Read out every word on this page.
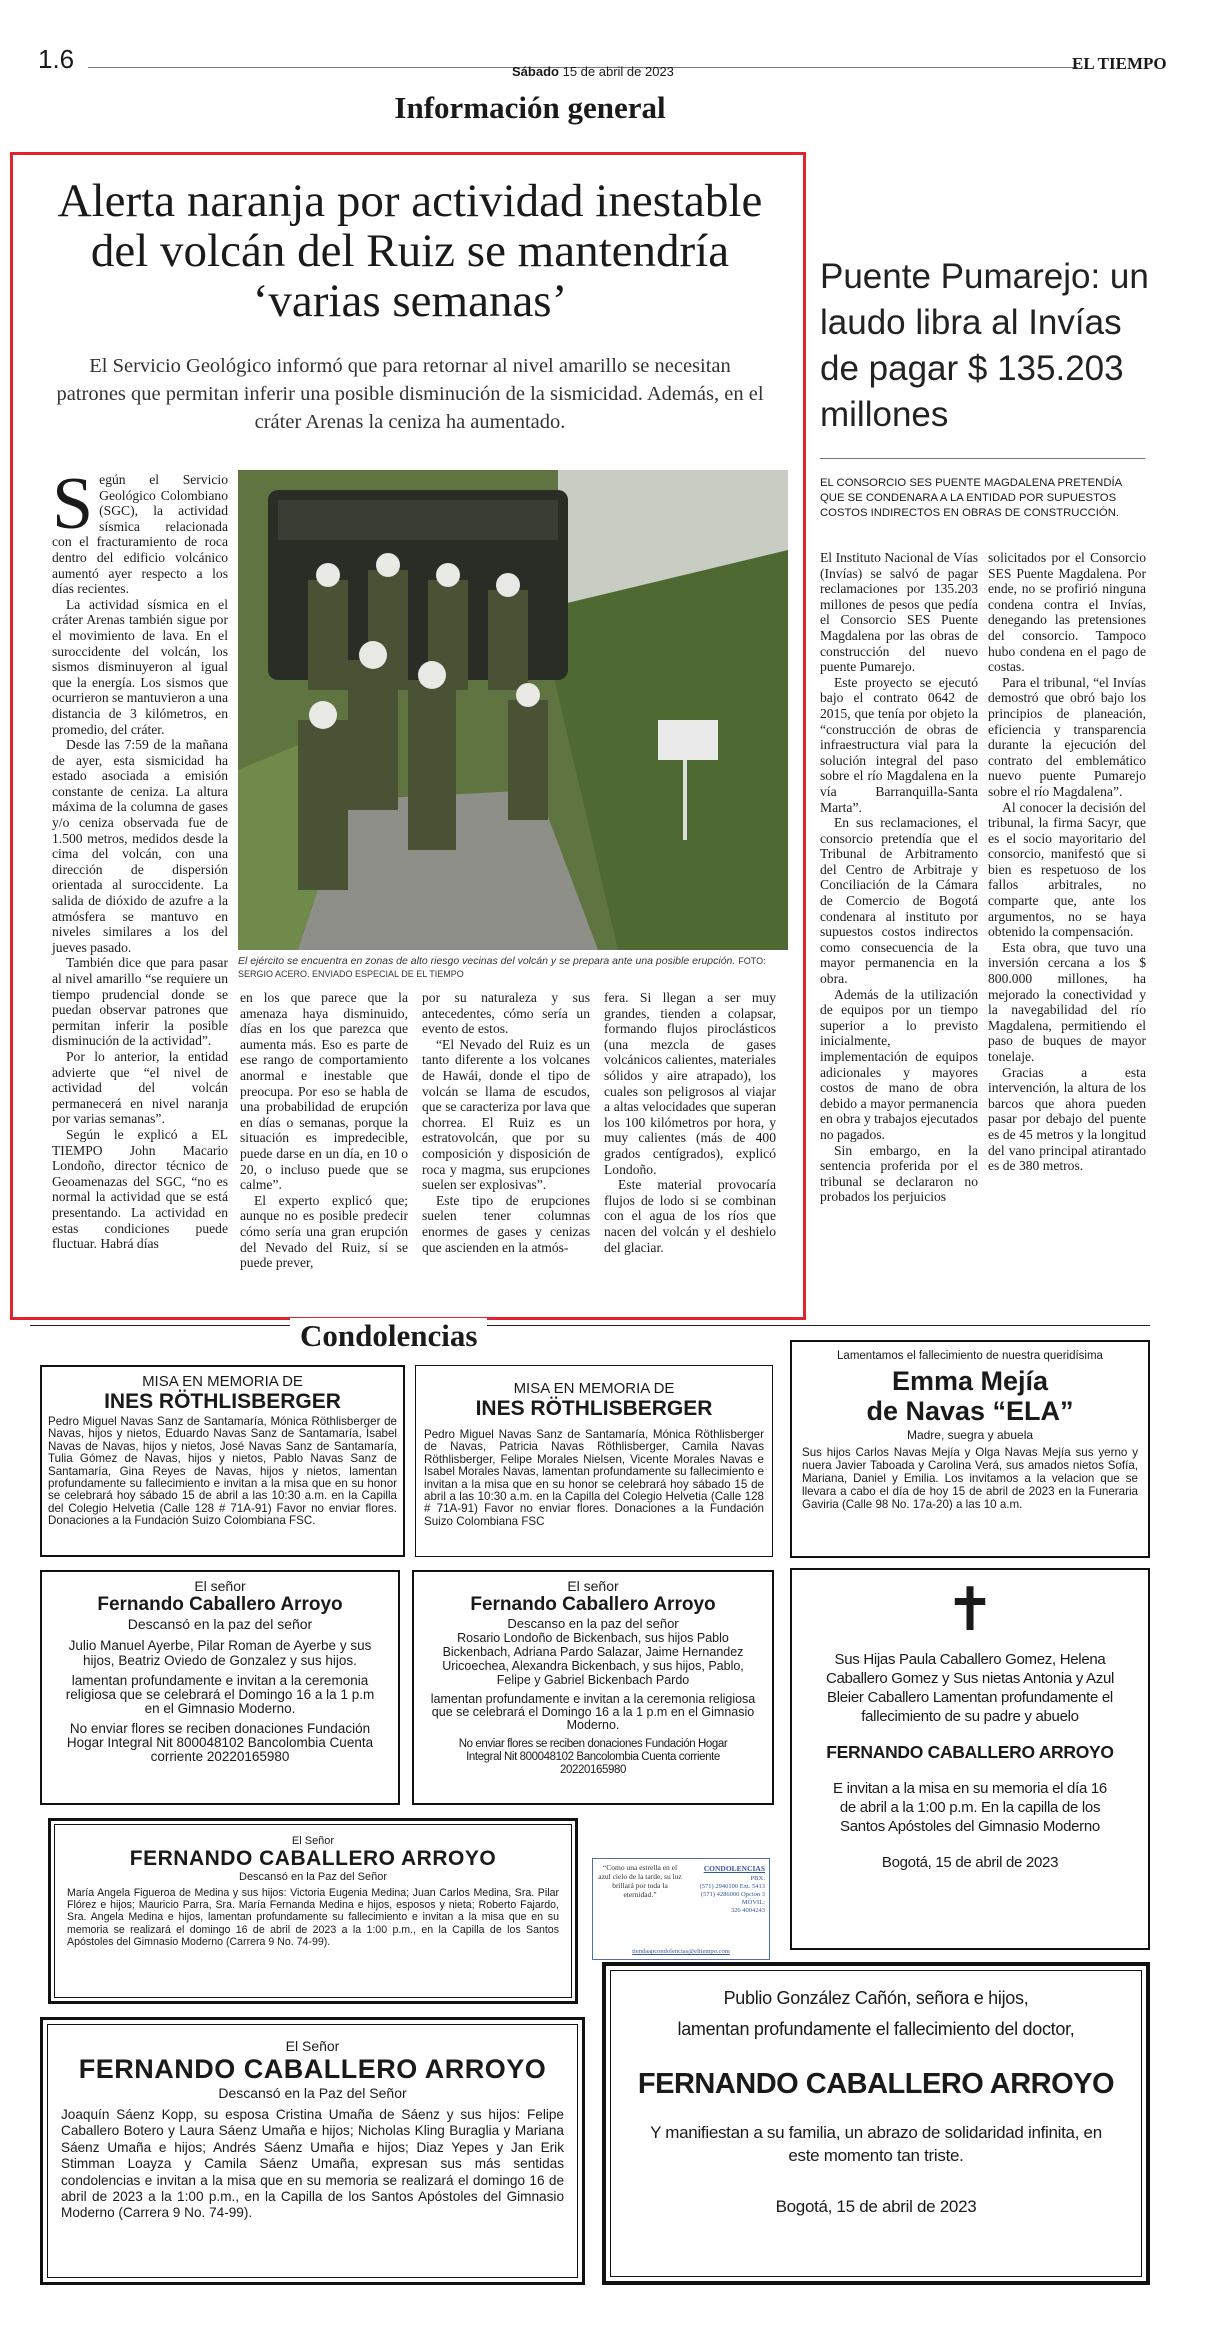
1.6	Sábado 15 de abril de 2023	EL TIEMPO
Información general
Alerta naranja por actividad inestable del volcán del Ruiz se mantendría ‘varias semanas’
El Servicio Geológico informó que para retornar al nivel amarillo se necesitan patrones que permitan inferir una posible disminución de la sismicidad. Además, en el cráter Arenas la ceniza ha aumentado.
El ejército se encuentra en zonas de alto riesgo vecinas del volcán y se prepara ante una posible erupción. FOTO: SERGIO ACERO. ENVIADO ESPECIAL DE EL TIEMPO
S egún el Servicio Geológico Colombiano (SGC), la actividad sísmica relacionada con el fracturamiento de roca dentro del edificio volcánico aumentó ayer respecto a los días recientes.

La actividad sísmica en el cráter Arenas también sigue por el movimiento de lava. En el suroccidente del volcán, los sismos disminuyeron al igual que la energía. Los sismos que ocurrieron se mantuvieron a una distancia de 3 kilómetros, en promedio, del cráter.

Desde las 7:59 de la mañana de ayer, esta sismicidad ha estado asociada a emisión constante de ceniza. La altura máxima de la columna de gases y/o ceniza observada fue de 1.500 metros, medidos desde la cima del volcán, con una dirección de dispersión orientada al suroccidente. La salida de dióxido de azufre a la atmósfera se mantuvo en niveles similares a los del jueves pasado.

También dice que para pasar al nivel amarillo “se requiere un tiempo prudencial donde se puedan observar patrones que permitan inferir la posible disminución de la actividad”.

Por lo anterior, la entidad advierte que “el nivel de actividad del volcán permanecerá en nivel naranja por varias semanas”.

Según le explicó a EL TIEMPO John Macario Londoño, director técnico de Geoamenazas del SGC, “no es normal la actividad que se está presentando. La actividad en estas condiciones puede fluctuar. Habrá días

en los que parece que la amenaza haya disminuido, días en los que parezca que aumenta más. Eso es parte de ese rango de comportamiento anormal e inestable que preocupa. Por eso se habla de una probabilidad de erupción en días o semanas, porque la situación es impredecible, puede darse en un día, en 10 o 20, o incluso puede que se calme”.

El experto explicó que; aunque no es posible predecir cómo sería una gran erupción del Nevado del Ruiz, sí se puede prever,

por su naturaleza y sus antecedentes, cómo sería un evento de estos.

“El Nevado del Ruiz es un tanto diferente a los volcanes de Hawái, donde el tipo de volcán se llama de escudos, que se caracteriza por lava que chorrea. El Ruiz es un estratovolcán, que por su composición y disposición de roca y magma, sus erupciones suelen ser explosivas”.

Este tipo de erupciones suelen tener columnas enormes de gases y cenizas que ascienden en la atmós-

fera. Si llegan a ser muy grandes, tienden a colapsar, formando flujos piroclásticos (una mezcla de gases volcánicos calientes, materiales sólidos y aire atrapado), los cuales son peligrosos al viajar a altas velocidades que superan los 100 kilómetros por hora, y muy calientes (más de 400 grados centígrados), explicó Londoño.

Este material provocaría flujos de lodo si se combinan con el agua de los ríos que nacen del volcán y el deshielo del glaciar.

Puente Pumarejo: un laudo libra al Invías de pagar $ 135.203 millones
EL CONSORCIO SES PUENTE MAGDALENA PRETENDÍA QUE SE CONDENARA A LA ENTIDAD POR SUPUESTOS COSTOS INDIRECTOS EN OBRAS DE CONSTRUCCIÓN.

El Instituto Nacional de Vías (Invías) se salvó de pagar reclamaciones por 135.203 millones de pesos que pedía el Consorcio SES Puente Magdalena por las obras de construcción del nuevo puente Pumarejo.

Este proyecto se ejecutó bajo el contrato 0642 de 2015, que tenía por objeto la “construcción de obras de infraestructura vial para la solución integral del paso sobre el río Magdalena en la vía Barranquilla-Santa Marta”.

En sus reclamaciones, el consorcio pretendía que el Tribunal de Arbitramento del Centro de Arbitraje y Conciliación de la Cámara de Comercio de Bogotá condenara al instituto por supuestos costos indirectos como consecuencia de la mayor permanencia en la obra.

Además de la utilización de equipos por un tiempo superior a lo previsto inicialmente, implementación de equipos adicionales y mayores costos de mano de obra debido a mayor permanencia en obra y trabajos ejecutados no pagados.

Sin embargo, en la sentencia proferida por el tribunal se declararon no probados los perjuicios

solicitados por el Consorcio SES Puente Magdalena. Por ende, no se profirió ninguna condena contra el Invías, denegando las pretensiones del consorcio. Tampoco hubo condena en el pago de costas.

Para el tribunal, “el Invías demostró que obró bajo los principios de planeación, eficiencia y transparencia durante la ejecución del contrato del emblemático nuevo puente Pumarejo sobre el río Magdalena”.

Al conocer la decisión del tribunal, la firma Sacyr, que es el socio mayoritario del consorcio, manifestó que si bien es respetuoso de los fallos arbitrales, no comparte que, ante los argumentos, no se haya obtenido la compensación.

Esta obra, que tuvo una inversión cercana a los $ 800.000 millones, ha mejorado la conectividad y la navegabilidad del río Magdalena, permitiendo el paso de buques de mayor tonelaje.

Gracias a esta intervención, la altura de los barcos que ahora pueden pasar por debajo del puente es de 45 metros y la longitud del vano principal atirantado es de 380 metros.

Condolencias
MISA EN MEMORIA DE
INES RÖTHLISBERGER
Pedro Miguel Navas Sanz de Santamaría, Mónica Röthlisberger de Navas, hijos y nietos, Eduardo Navas Sanz de Santamaría, Isabel Navas de Navas, hijos y nietos, José Navas Sanz de Santamaría, Tulia Gómez de Navas, hijos y nietos, Pablo Navas Sanz de Santamaría, Gina Reyes de Navas, hijos y nietos, lamentan profundamente su fallecimiento e invitan a la misa que en su honor se celebrará hoy sábado 15 de abril a las 10:30 a.m. en la Capilla del Colegio Helvetia (Calle 128 # 71A-91) Favor no enviar flores. Donaciones a la Fundación Suizo Colombiana FSC.
MISA EN MEMORIA DE
INES RÖTHLISBERGER
Pedro Miguel Navas Sanz de Santamaría, Mónica Röthlisberger de Navas, Patricia Navas Röthlisberger, Camila Navas Röthlisberger, Felipe Morales Nielsen, Vicente Morales Navas e Isabel Morales Navas, lamentan profundamente su fallecimiento e invitan a la misa que en su honor se celebrará hoy sábado 15 de abril a las 10:30 a.m. en la Capilla del Colegio Helvetia (Calle 128 # 71A-91) Favor no enviar flores. Donaciones a la Fundación Suizo Colombiana FSC
Lamentamos el fallecimiento de nuestra queridísima
Emma Mejía
de Navas “ELA”
Madre, suegra y abuela
Sus hijos Carlos Navas Mejía y Olga Navas Mejía sus yerno y nuera Javier Taboada y Carolina Verá, sus amados nietos Sofía, Mariana, Daniel y Emilia. Los invitamos a la velacion que se llevara a cabo el día de hoy 15 de abril de 2023 en la Funeraria Gaviria (Calle 98 No. 17a-20) a las 10 a.m.
El señor
Fernando Caballero Arroyo
Descansó en la paz del señor
Julio Manuel Ayerbe, Pilar Roman de Ayerbe y sus hijos, Beatriz Oviedo de Gonzalez y sus hijos.
lamentan profundamente e invitan a la ceremonia religiosa que se celebrará el Domingo 16 a la 1 p.m en el Gimnasio Moderno.
No enviar flores se reciben donaciones Fundación Hogar Integral Nit 800048102 Bancolombia Cuenta corriente 20220165980
El señor
Fernando Caballero Arroyo
Descanso en la paz del señor
Rosario Londoño de Bickenbach, sus hijos Pablo Bickenbach, Adriana Pardo Salazar, Jaime Hernandez Uricoechea, Alexandra Bickenbach, y sus hijos, Pablo, Felipe y Gabriel Bickenbach Pardo
lamentan profundamente e invitan a la ceremonia religiosa que se celebrará el Domingo 16 a la 1 p.m en el Gimnasio Moderno.
No enviar flores se reciben donaciones Fundación Hogar Integral Nit 800048102 Bancolombia Cuenta corriente 20220165980
✝
Sus Hijas Paula Caballero Gomez, Helena Caballero Gomez y Sus nietas Antonia y Azul Bleier Caballero Lamentan profundamente el fallecimiento de su padre y abuelo
FERNANDO CABALLERO ARROYO
E invitan a la misa en su memoria el día 16 de abril a la 1:00 p.m. En la capilla de los Santos Apóstoles del Gimnasio Moderno
Bogotá, 15 de abril de 2023
El Señor
FERNANDO CABALLERO ARROYO
Descansó en la Paz del Señor
María Angela Figueroa de Medina y sus hijos: Victoria Eugenia Medina; Juan Carlos Medina, Sra. Pilar Flórez e hijos; Mauricio Parra, Sra. María Fernanda Medina e hijos, esposos y nieta; Roberto Fajardo, Sra. Angela Medina e hijos, lamentan profundamente su fallecimiento e invitan a la misa que en su memoria se realizará el domingo 16 de abril de 2023 a la 1:00 p.m., en la Capilla de los Santos Apóstoles del Gimnasio Moderno (Carrera 9 No. 74-99).
“Como una estrella en el azul cielo de la tarde, su luz brillará por toda la eternidad.”
CONDOLENCIAS
PBX:
(571) 2940100 Ext. 5413
(571) 4286000 Opción 3
MÓVIL:
326 4004243
tiendaapcondolencias@eltiempo.com
El Señor
FERNANDO CABALLERO ARROYO
Descansó en la Paz del Señor
Joaquín Sáenz Kopp, su esposa Cristina Umaña de Sáenz y sus hijos: Felipe Caballero Botero y Laura Sáenz Umaña e hijos; Nicholas Kling Buraglia y Mariana Sáenz Umaña e hijos; Andrés Sáenz Umaña e hijos; Diaz Yepes y Jan Erik Stimman Loayza y Camila Sáenz Umaña, expresan sus más sentidas condolencias e invitan a la misa que en su memoria se realizará el domingo 16 de abril de 2023 a la 1:00 p.m., en la Capilla de los Santos Apóstoles del Gimnasio Moderno (Carrera 9 No. 74-99).
Publio González Cañón, señora e hijos,
lamentan profundamente el fallecimiento del doctor,
FERNANDO CABALLERO ARROYO
Y manifiestan a su familia, un abrazo de solidaridad infinita, en este momento tan triste.
Bogotá, 15 de abril de 2023
